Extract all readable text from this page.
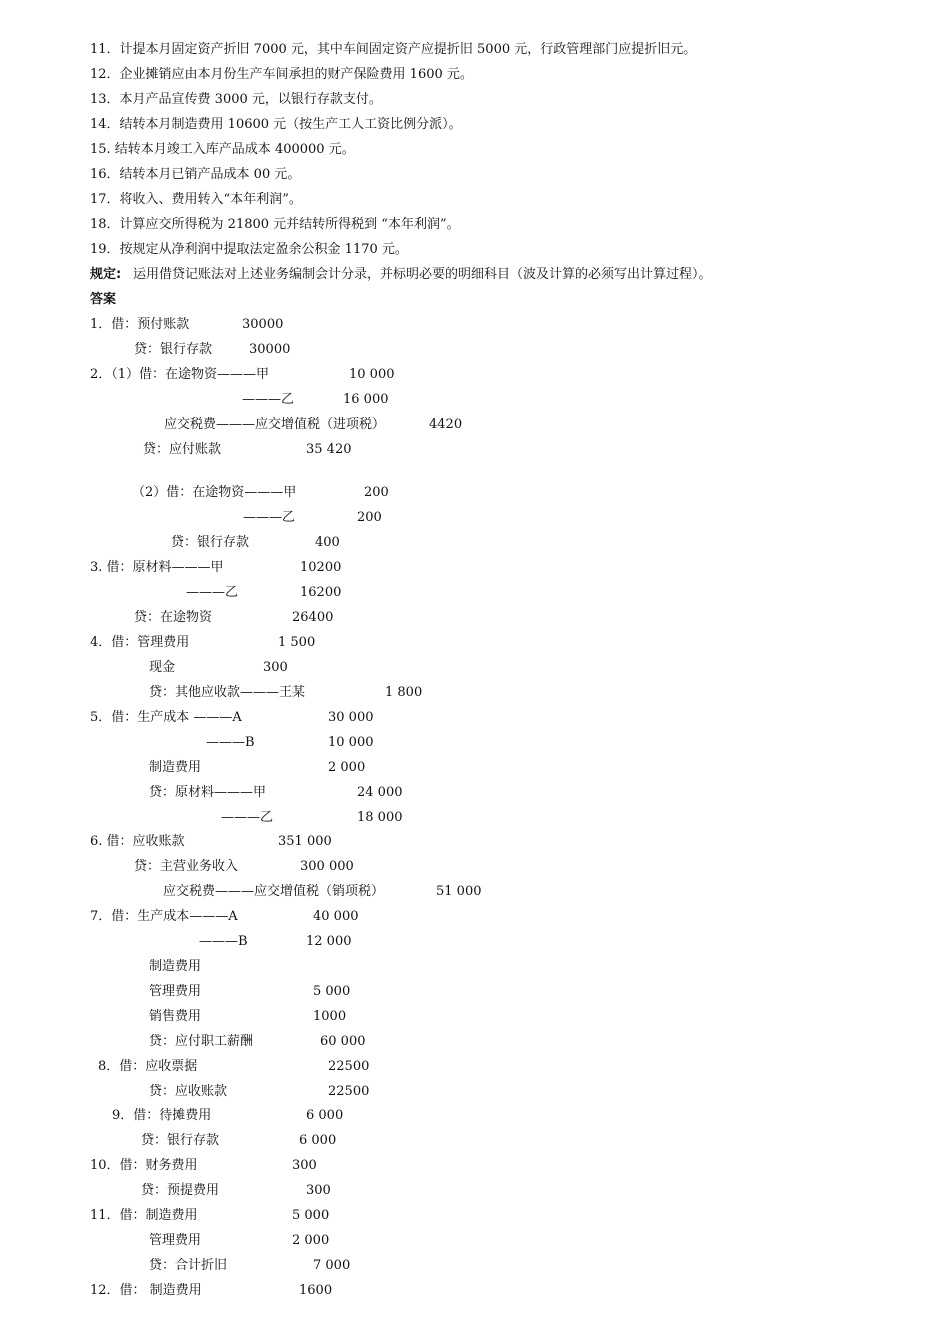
11．计提本月固定资产折旧 7000 元，其中车间固定资产应提折旧 5000 元，行政管理部门应提折旧元。
12．企业摊销应由本月份生产车间承担的财产保险费用 1600 元。
13．本月产品宣传费 3000 元，以银行存款支付。
14．结转本月制造费用 10600 元（按生产工人工资比例分派）。
15. 结转本月竣工入库产品成本 400000 元。
16．结转本月已销产品成本 00 元。
17．将收入、费用转入“本年利润”。
18．计算应交所得税为 21800 元并结转所得税到 “本年利润”。
19．按规定从净利润中提取法定盈余公积金 1170 元。
规定: 运用借贷记账法对上述业务编制会计分录，并标明必要的明细科目（波及计算的必须写出计算过程）。
答案
1．借：预付账款	30000
贷：银行存款	30000
2．（1）借：在途物资———甲	10 000
———乙	16 000
应交税费———应交增值税（进项税）	4420
贷：应付账款	35 420
（2）借：在途物资———甲	200
———乙	200
贷：银行存款	400
3. 借：原材料———甲	10200
———乙	16200
贷：在途物资	26400
4．借：管理费用	1 500
现金	300
贷：其他应收款———王某	1 800
5．借：生产成本 ———A	30 000
———B	10 000
制造费用	2 000
贷：原材料———甲	24 000
———乙	18 000
6. 借：应收账款	351 000
贷：主营业务收入	300 000
应交税费———应交增值税（销项税）	51 000
7．借：生产成本———A	40 000
———B	12 000
制造费用
管理费用	5 000
销售费用	1000
贷：应付职工薪酬	60 000
8．借：应收票据	22500
贷：应收账款	22500
9．借：待摊费用	6 000
贷：银行存款	6 000
10．借：财务费用	300
贷：预提费用	300
11．借：制造费用	5 000
管理费用	2 000
贷：合计折旧	7 000
12．借： 制造费用	1600
